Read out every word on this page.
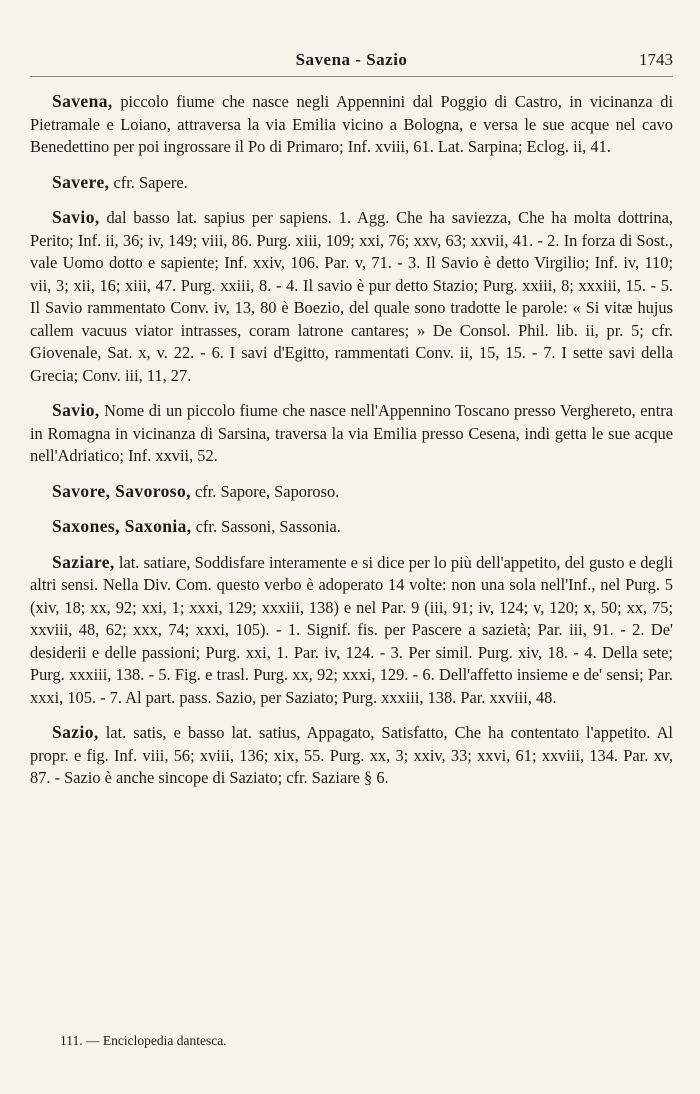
Savena - Sazio	1743

Savena, piccolo fiume che nasce negli Appennini dal Poggio di Castro, in vicinanza di Pietramale e Loiano, attraversa la via Emilia vicino a Bologna, e versa le sue acque nel cavo Benedettino per poi ingrossare il Po di Primaro; Inf. xviii, 61. Lat. Sarpina; Eclog. ii, 41.

Savere, cfr. Sapere.

Savio, dal basso lat. sapius per sapiens. 1. Agg. Che ha saviezza, Che ha molta dottrina, Perito; Inf. ii, 36; iv, 149; viii, 86. Purg. xiii, 109; xxi, 76; xxv, 63; xxvii, 41. - 2. In forza di Sost., vale Uomo dotto e sapiente; Inf. xxiv, 106. Par. v, 71. - 3. Il Savio è detto Virgilio; Inf. iv, 110; vii, 3; xii, 16; xiii, 47. Purg. xxiii, 8. - 4. Il savio è pur detto Stazio; Purg. xxiii, 8; xxxiii, 15. - 5. Il Savio rammentato Conv. iv, 13, 80 è Boezio, del quale sono tradotte le parole: « Si vitæ hujus callem vacuus viator intrasses, coram latrone cantares; » De Consol. Phil. lib. ii, pr. 5; cfr. Giovenale, Sat. x, v. 22. - 6. I savi d'Egitto, rammentati Conv. ii, 15, 15. - 7. I sette savi della Grecia; Conv. iii, 11, 27.

Savio, Nome di un piccolo fiume che nasce nell'Appennino Toscano presso Verghereto, entra in Romagna in vicinanza di Sarsina, traversa la via Emilia presso Cesena, indi getta le sue acque nell'Adriatico; Inf. xxvii, 52.

Savore, Savoroso, cfr. Sapore, Saporoso.

Saxones, Saxonia, cfr. Sassoni, Sassonia.

Saziare, lat. satiare, Soddisfare interamente e si dice per lo più dell'appetito, del gusto e degli altri sensi. Nella Div. Com. questo verbo è adoperato 14 volte: non una sola nell'Inf., nel Purg. 5 (xiv, 18; xx, 92; xxi, 1; xxxi, 129; xxxiii, 138) e nel Par. 9 (iii, 91; iv, 124; v, 120; x, 50; xx, 75; xxviii, 48, 62; xxx, 74; xxxi, 105). - 1. Signif. fis. per Pascere a sazietà; Par. iii, 91. - 2. De' desiderii e delle passioni; Purg. xxi, 1. Par. iv, 124. - 3. Per simil. Purg. xiv, 18. - 4. Della sete; Purg. xxxiii, 138. - 5. Fig. e trasl. Purg. xx, 92; xxxi, 129. - 6. Dell'affetto insieme e de' sensi; Par. xxxi, 105. - 7. Al part. pass. Sazio, per Saziato; Purg. xxxiii, 138. Par. xxviii, 48.

Sazio, lat. satis, e basso lat. satius, Appagato, Satisfatto, Che ha contentato l'appetito. Al propr. e fig. Inf. viii, 56; xviii, 136; xix, 55. Purg. xx, 3; xxiv, 33; xxvi, 61; xxviii, 134. Par. xv, 87. - Sazio è anche sincope di Saziato; cfr. Saziare § 6.

111. — Enciclopedia dantesca.
